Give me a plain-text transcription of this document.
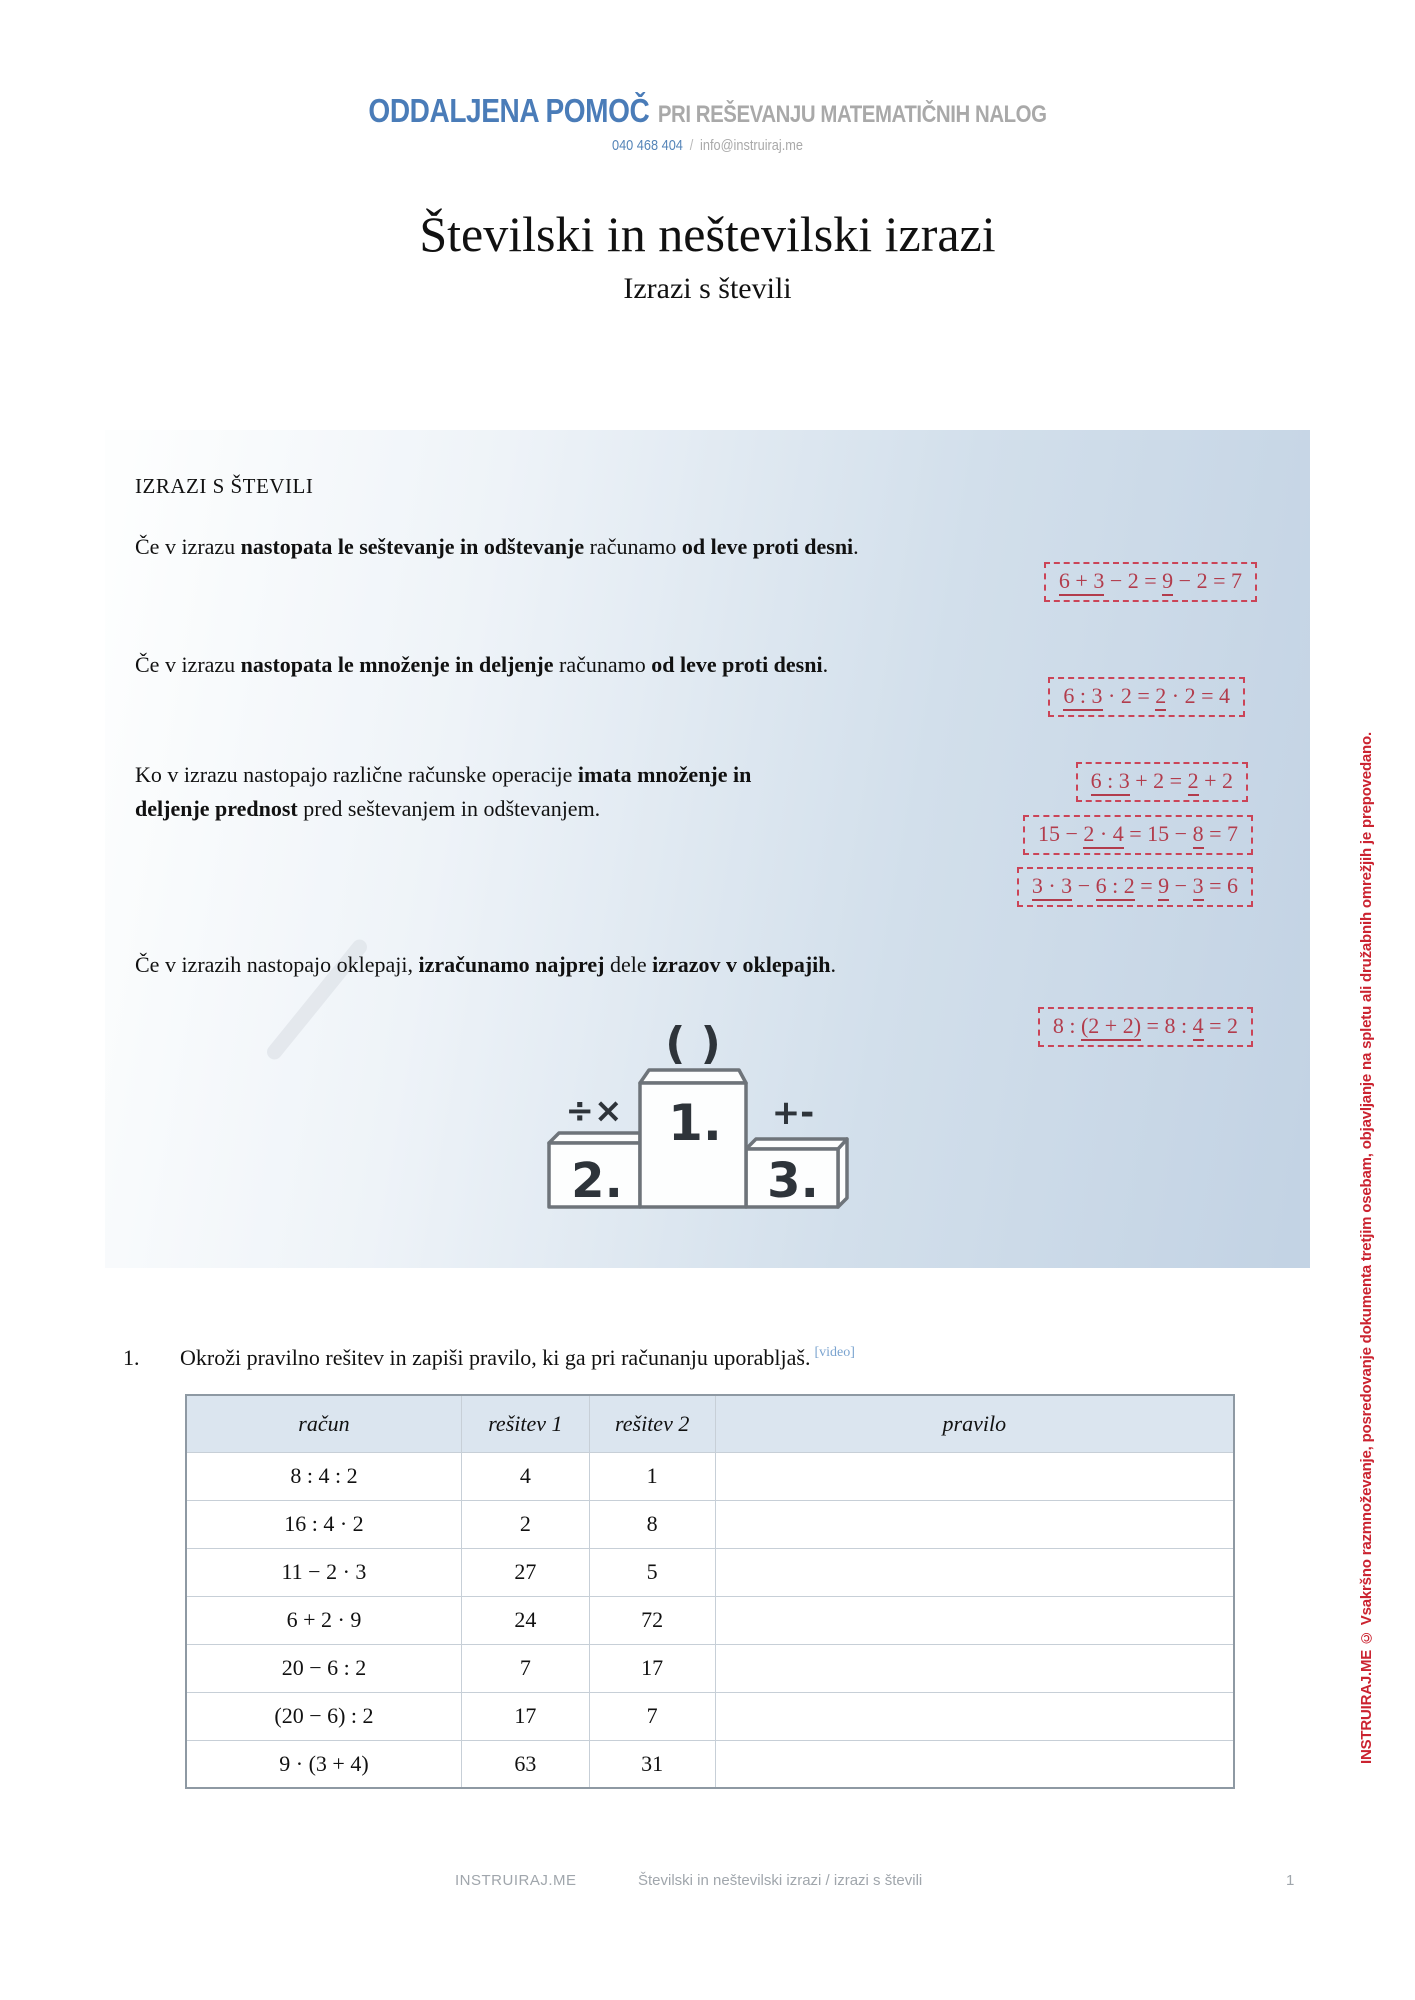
ODDALJENA POMOČ PRI REŠEVANJU MATEMATIČNIH NALOG
040 468 404 / info@instruiraj.me
Številski in neštevilski izrazi
Izrazi s števili
IZRAZI S ŠTEVILI

Če v izrazu nastopata le seštevanje in odštevanje računamo od leve proti desni.

Če v izrazu nastopata le množenje in deljenje računamo od leve proti desni.

Ko v izrazu nastopajo različne računske operacije imata množenje in deljenje prednost pred seštevanjem in odštevanjem.

Če v izrazih nastopajo oklepaji, izračunamo najprej dele izrazov v oklepajih.

6 + 3 − 2 = 9 − 2 = 7
6 : 3 · 2 = 2 · 2 = 4
6 : 3 + 2 = 2 + 2
15 − 2 · 4 = 15 − 8 = 7
3 · 3 − 6 : 2 = 9 − 3 = 6
8 : (2 + 2) = 8 : 4 = 2
( )
÷×	+-
1.
2.	3.
1.	Okroži pravilno rešitev in zapiši pravilo, ki ga pri računanju uporabljaš. [video]
račun	rešitev 1	rešitev 2	pravilo
8 : 4 : 2	4	1	
16 : 4 · 2	2	8	
11 − 2 · 3	27	5	
6 + 2 · 9	24	72	
20 − 6 : 2	7	17	
(20 − 6) : 2	17	7	
9 · (3 + 4)	63	31	
INSTRUIRAJ.ME	Številski in neštevilski izrazi / izrazi s števili	1
INSTRUIRAJ.ME © Vsakršno razmnoževanje, posredovanje dokumenta tretjim osebam, objavljanje na spletu ali družabnih omrežjih je prepovedano.
